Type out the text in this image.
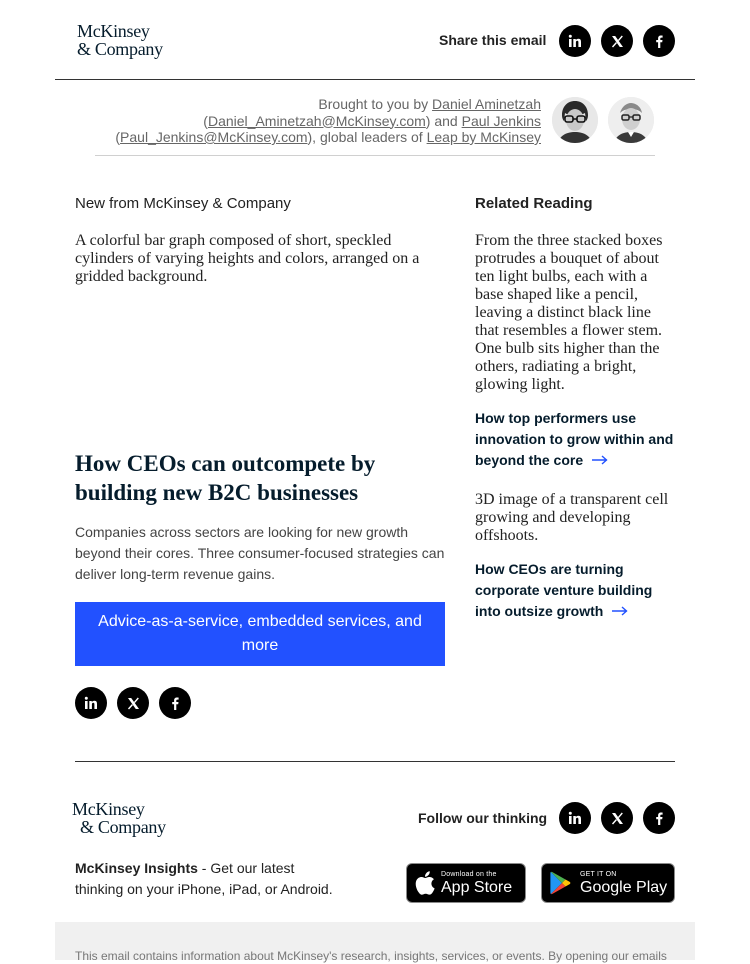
McKinsey
& Company	Share this email
Brought to you by Daniel Aminetzah
(Daniel_Aminetzah@McKinsey.com) and Paul Jenkins
(Paul_Jenkins@McKinsey.com), global leaders of Leap by McKinsey
New from McKinsey & Company
A colorful bar graph composed of short, speckled cylinders of varying heights and colors, arranged on a gridded background.
How CEOs can outcompete by building new B2C businesses
Companies across sectors are looking for new growth beyond their cores. Three consumer-focused strategies can deliver long-term revenue gains.
Advice-as-a-service, embedded services, and more
Related Reading
From the three stacked boxes protrudes a bouquet of about ten light bulbs, each with a base shaped like a pencil, leaving a distinct black line that resembles a flower stem. One bulb sits higher than the others, radiating a bright, glowing light.
How top performers use innovation to grow within and beyond the core
3D image of a transparent cell growing and developing offshoots.
How CEOs are turning corporate venture building into outsize growth
McKinsey
& Company	Follow our thinking
McKinsey Insights - Get our latest thinking on your iPhone, iPad, or Android.
Download on the
App Store
GET IT ON
Google Play
This email contains information about McKinsey's research, insights, services, or events. By opening our emails
